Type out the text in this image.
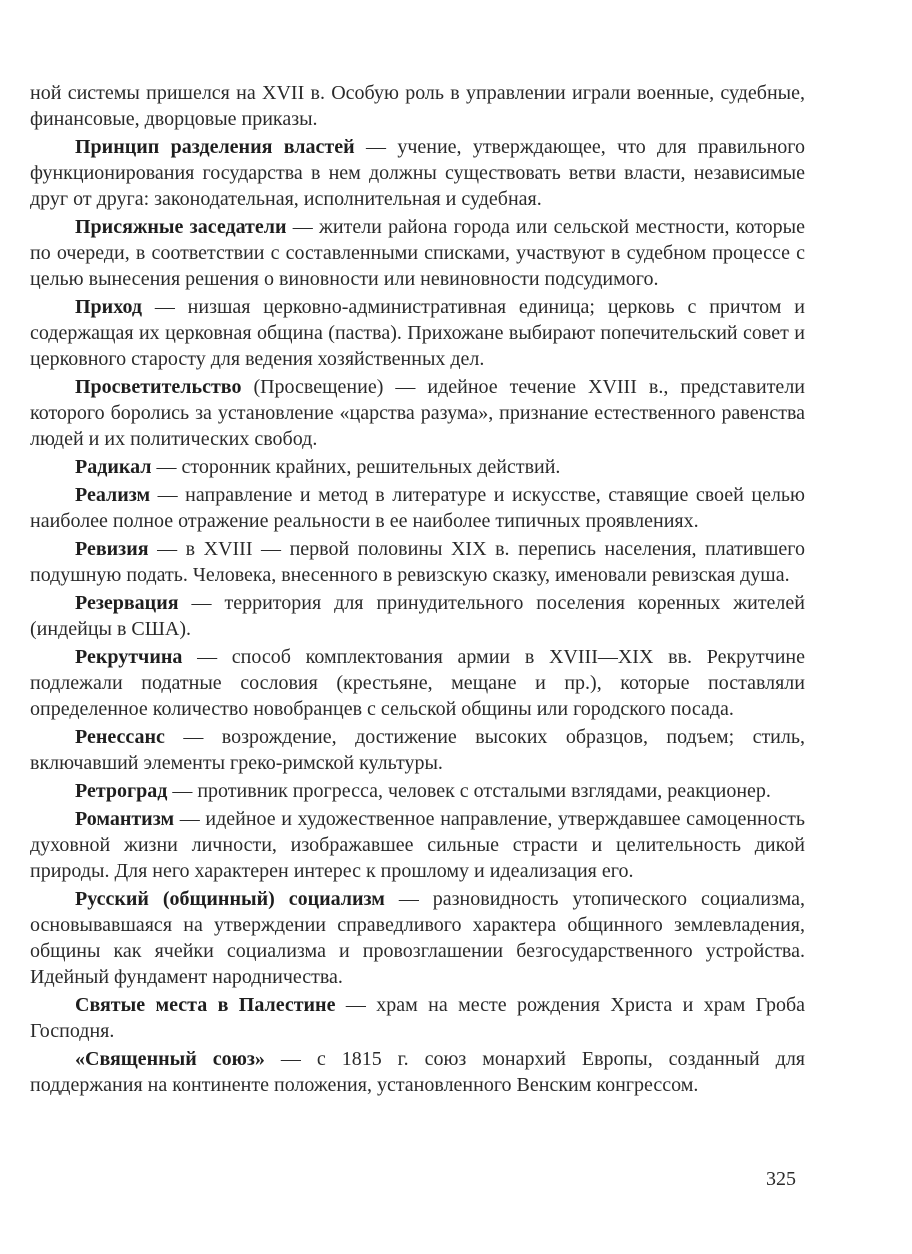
ной системы пришелся на XVII в. Особую роль в управлении играли военные, судебные, финансовые, дворцовые приказы.

Принцип разделения властей — учение, утверждающее, что для правильного функционирования государства в нем должны существовать ветви власти, независимые друг от друга: законодательная, исполнительная и судебная.

Присяжные заседатели — жители района города или сельской местности, которые по очереди, в соответствии с составленными списками, участвуют в судебном процессе с целью вынесения решения о виновности или невиновности подсудимого.

Приход — низшая церковно-административная единица; церковь с причтом и содержащая их церковная община (паства). Прихожане выбирают попечительский совет и церковного старосту для ведения хозяйственных дел.

Просветительство (Просвещение) — идейное течение XVIII в., представители которого боролись за установление «царства разума», признание естественного равенства людей и их политических свобод.

Радикал — сторонник крайних, решительных действий.

Реализм — направление и метод в литературе и искусстве, ставящие своей целью наиболее полное отражение реальности в ее наиболее типичных проявлениях.

Ревизия — в XVIII — первой половины XIX в. перепись населения, платившего подушную подать. Человека, внесенного в ревизскую сказку, именовали ревизская душа.

Резервация — территория для принудительного поселения коренных жителей (индейцы в США).

Рекрутчина — способ комплектования армии в XVIII—XIX вв. Рекрутчине подлежали податные сословия (крестьяне, мещане и пр.), которые поставляли определенное количество новобранцев с сельской общины или городского посада.

Ренессанс — возрождение, достижение высоких образцов, подъем; стиль, включавший элементы греко-римской культуры.

Ретроград — противник прогресса, человек с отсталыми взглядами, реакционер.

Романтизм — идейное и художественное направление, утверждавшее самоценность духовной жизни личности, изображавшее сильные страсти и целительность дикой природы. Для него характерен интерес к прошлому и идеализация его.

Русский (общинный) социализм — разновидность утопического социализма, основывавшаяся на утверждении справедливого характера общинного землевладения, общины как ячейки социализма и провозглашении безгосударственного устройства. Идейный фундамент народничества.

Святые места в Палестине — храм на месте рождения Христа и храм Гроба Господня.

«Священный союз» — с 1815 г. союз монархий Европы, созданный для поддержания на континенте положения, установленного Венским конгрессом.

325
